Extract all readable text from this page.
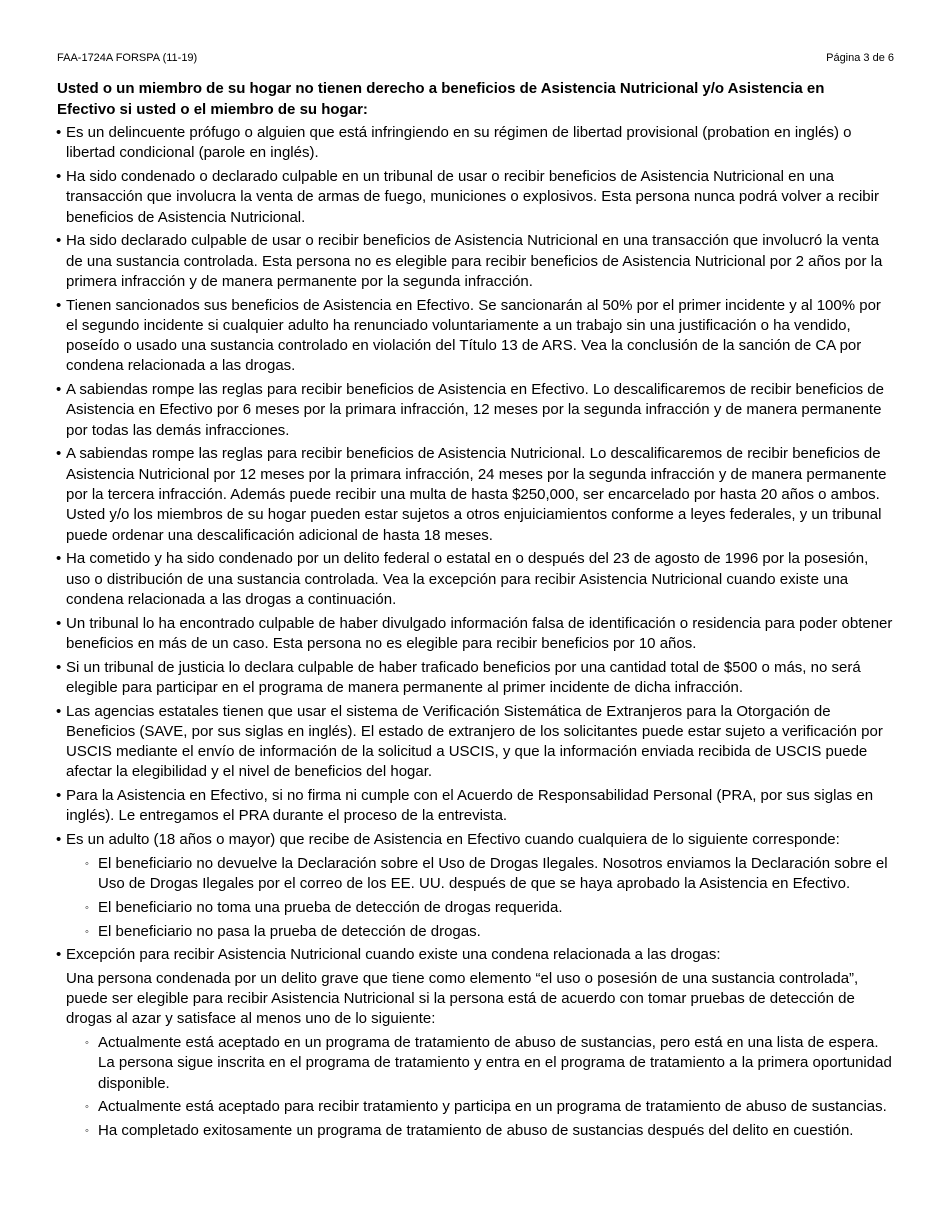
FAA-1724A FORSPA (11-19)	Página 3 de 6

Usted o un miembro de su hogar no tienen derecho a beneficios de Asistencia Nutricional y/o Asistencia en Efectivo si usted o el miembro de su hogar:

• Es un delincuente prófugo o alguien que está infringiendo en su régimen de libertad provisional (probation en inglés) o libertad condicional (parole en inglés).
• Ha sido condenado o declarado culpable en un tribunal de usar o recibir beneficios de Asistencia Nutricional en una transacción que involucra la venta de armas de fuego, municiones o explosivos. Esta persona nunca podrá volver a recibir beneficios de Asistencia Nutricional.
• Ha sido declarado culpable de usar o recibir beneficios de Asistencia Nutricional en una transacción que involucró la venta de una sustancia controlada. Esta persona no es elegible para recibir beneficios de Asistencia Nutricional por 2 años por la primera infracción y de manera permanente por la segunda infracción.
• Tienen sancionados sus beneficios de Asistencia en Efectivo. Se sancionarán al 50% por el primer incidente y al 100% por el segundo incidente si cualquier adulto ha renunciado voluntariamente a un trabajo sin una justificación o ha vendido, poseído o usado una sustancia controlado en violación del Título 13 de ARS. Vea la conclusión de la sanción de CA por condena relacionada a las drogas.
• A sabiendas rompe las reglas para recibir beneficios de Asistencia en Efectivo. Lo descalificaremos de recibir beneficios de Asistencia en Efectivo por 6 meses por la primara infracción, 12 meses por la segunda infracción y de manera permanente por todas las demás infracciones.
• A sabiendas rompe las reglas para recibir beneficios de Asistencia Nutricional. Lo descalificaremos de recibir beneficios de Asistencia Nutricional por 12 meses por la primara infracción, 24 meses por la segunda infracción y de manera permanente por la tercera infracción. Además puede recibir una multa de hasta $250,000, ser encarcelado por hasta 20 años o ambos. Usted y/o los miembros de su hogar pueden estar sujetos a otros enjuiciamientos conforme a leyes federales, y un tribunal puede ordenar una descalificación adicional de hasta 18 meses.
• Ha cometido y ha sido condenado por un delito federal o estatal en o después del 23 de agosto de 1996 por la posesión, uso o distribución de una sustancia controlada. Vea la excepción para recibir Asistencia Nutricional cuando existe una condena relacionada a las drogas a continuación.
• Un tribunal lo ha encontrado culpable de haber divulgado información falsa de identificación o residencia para poder obtener beneficios en más de un caso. Esta persona no es elegible para recibir beneficios por 10 años.
• Si un tribunal de justicia lo declara culpable de haber traficado beneficios por una cantidad total de $500 o más, no será elegible para participar en el programa de manera permanente al primer incidente de dicha infracción.
• Las agencias estatales tienen que usar el sistema de Verificación Sistemática de Extranjeros para la Otorgación de Beneficios (SAVE, por sus siglas en inglés). El estado de extranjero de los solicitantes puede estar sujeto a verificación por USCIS mediante el envío de información de la solicitud a USCIS, y que la información enviada recibida de USCIS puede afectar la elegibilidad y el nivel de beneficios del hogar.
• Para la Asistencia en Efectivo, si no firma ni cumple con el Acuerdo de Responsabilidad Personal (PRA, por sus siglas en inglés). Le entregamos el PRA durante el proceso de la entrevista.
• Es un adulto (18 años o mayor) que recibe de Asistencia en Efectivo cuando cualquiera de lo siguiente corresponde:
◦ El beneficiario no devuelve la Declaración sobre el Uso de Drogas Ilegales. Nosotros enviamos la Declaración sobre el Uso de Drogas Ilegales por el correo de los EE. UU. después de que se haya aprobado la Asistencia en Efectivo.
◦ El beneficiario no toma una prueba de detección de drogas requerida.
◦ El beneficiario no pasa la prueba de detección de drogas.
• Excepción para recibir Asistencia Nutricional cuando existe una condena relacionada a las drogas:
Una persona condenada por un delito grave que tiene como elemento “el uso o posesión de una sustancia controlada”, puede ser elegible para recibir Asistencia Nutricional si la persona está de acuerdo con tomar pruebas de detección de drogas al azar y satisface al menos uno de lo siguiente:
◦ Actualmente está aceptado en un programa de tratamiento de abuso de sustancias, pero está en una lista de espera. La persona sigue inscrita en el programa de tratamiento y entra en el programa de tratamiento a la primera oportunidad disponible.
◦ Actualmente está aceptado para recibir tratamiento y participa en un programa de tratamiento de abuso de sustancias.
◦ Ha completado exitosamente un programa de tratamiento de abuso de sustancias después del delito en cuestión.
